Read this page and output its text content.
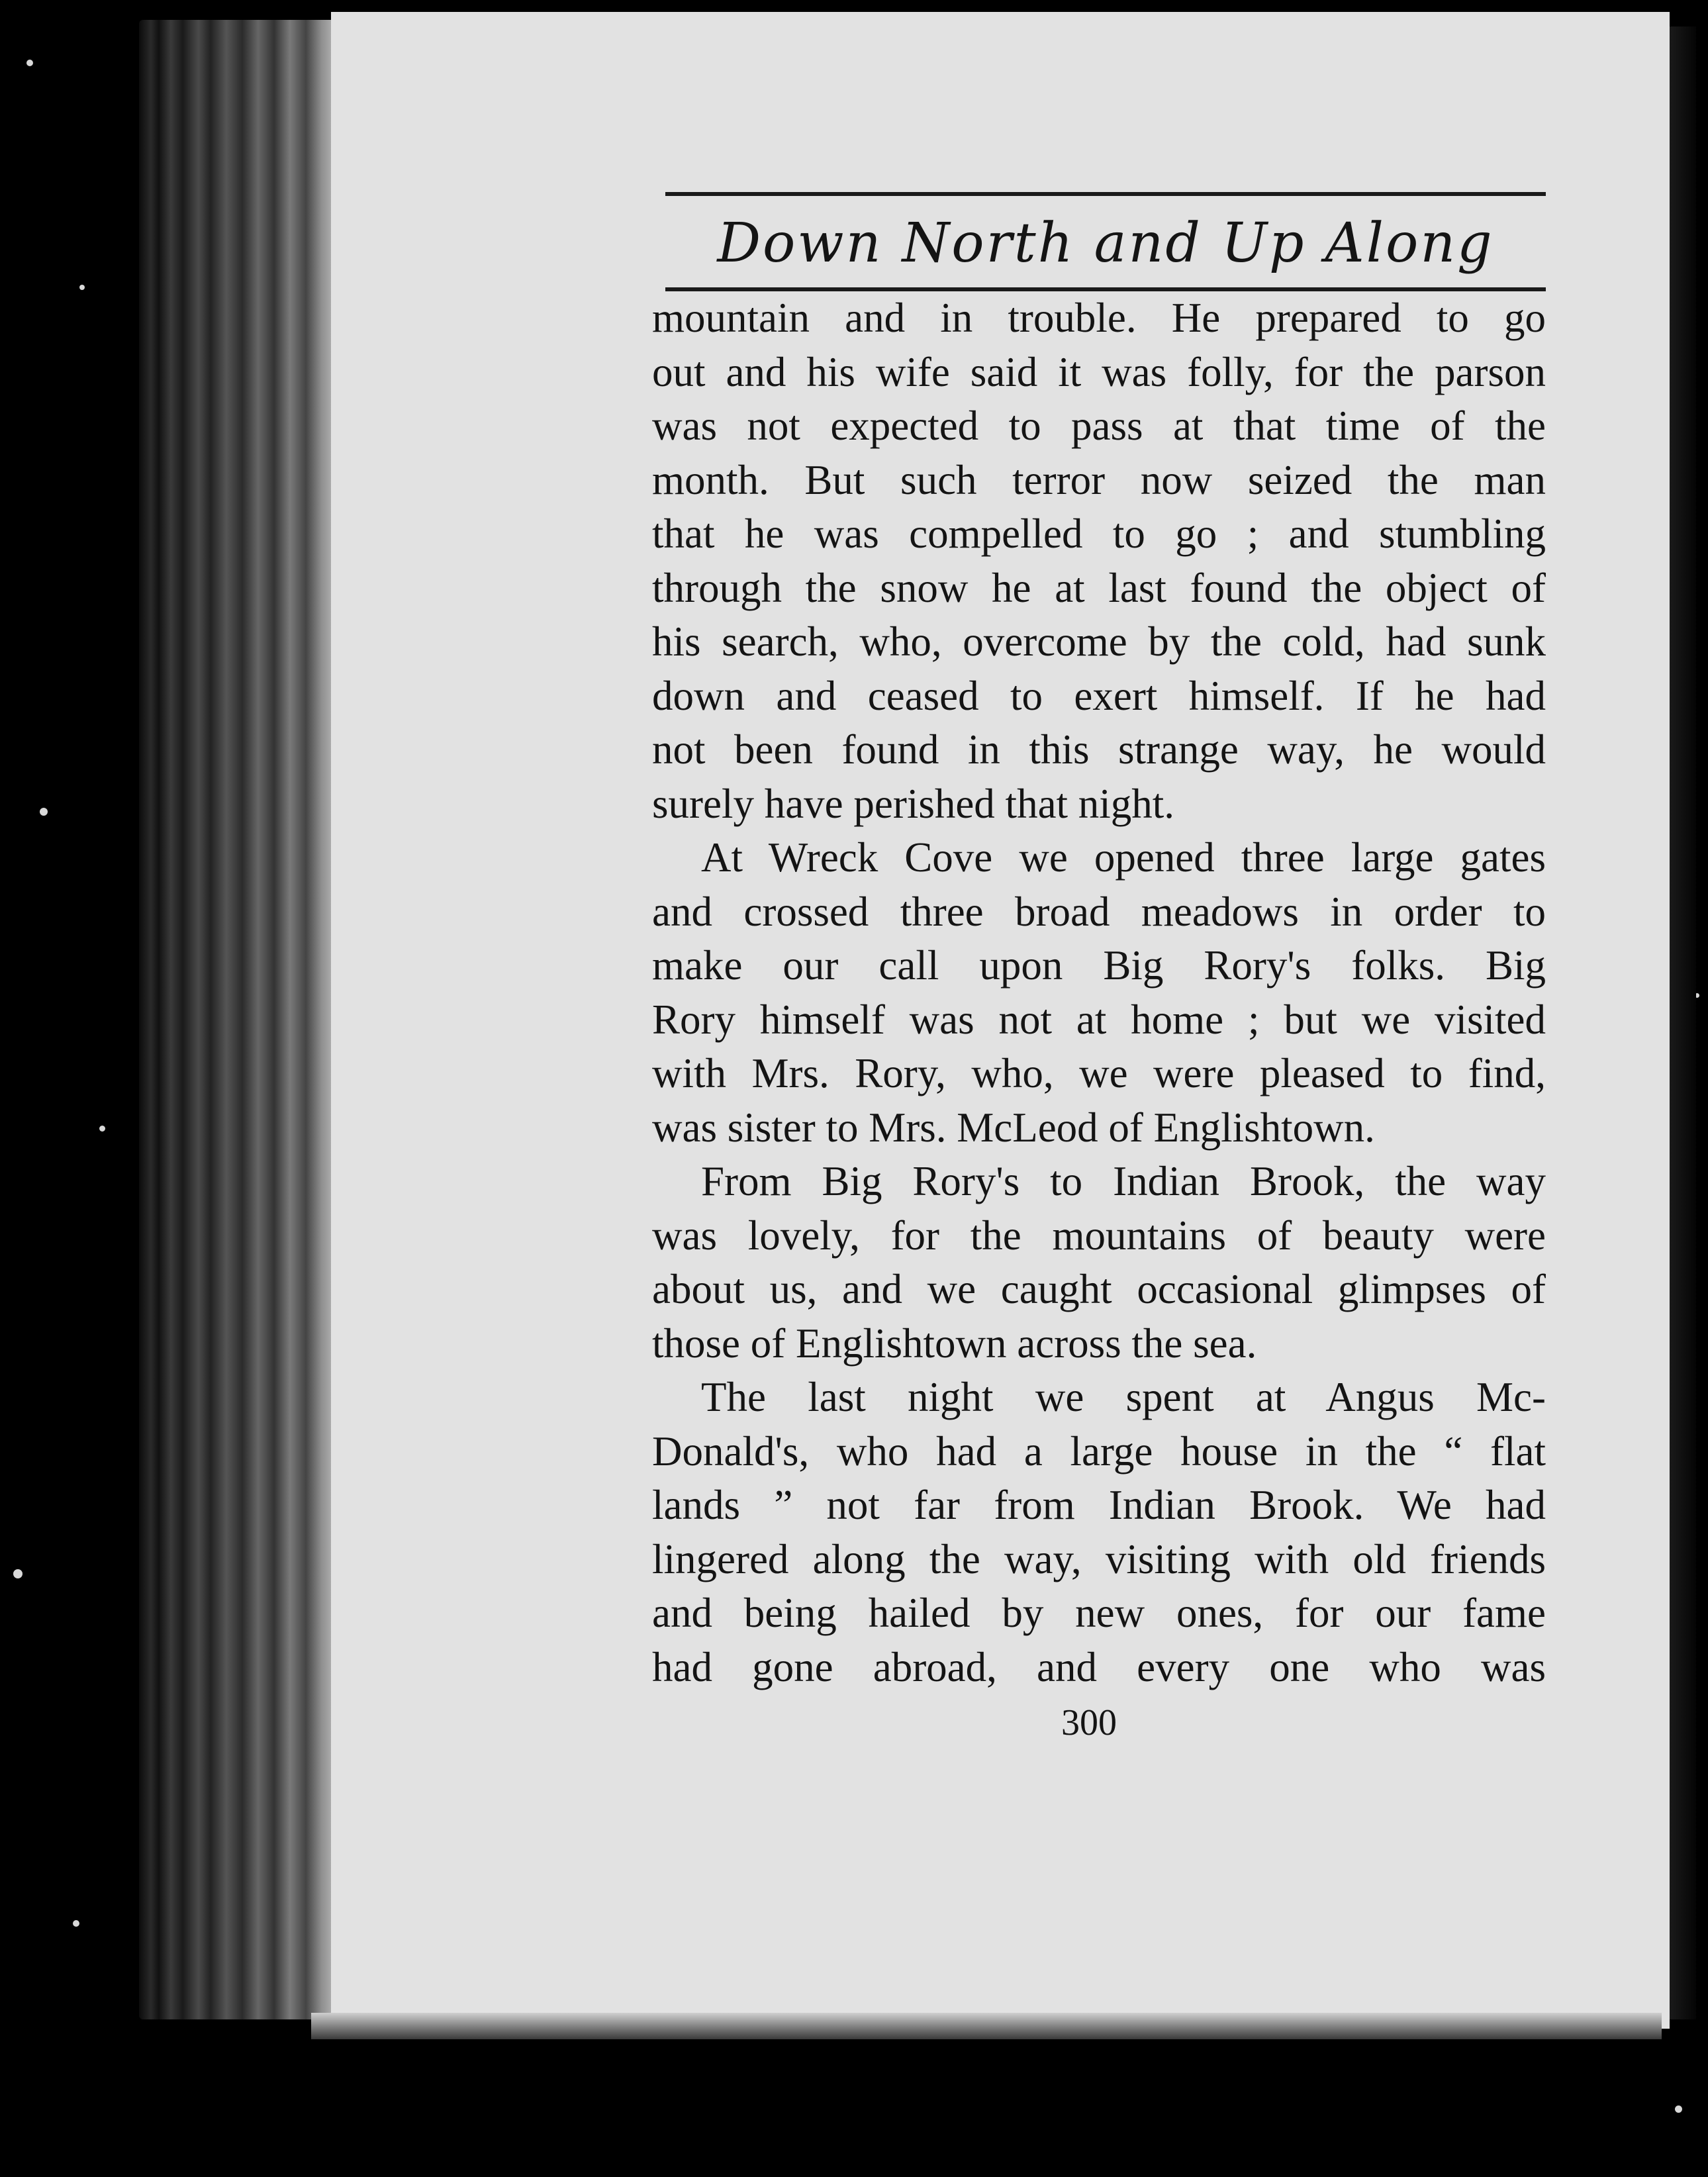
Down North and Up Along
mountain and in trouble. He prepared to go
out and his wife said it was folly, for the parson
was not expected to pass at that time of the
month. But such terror now seized the man
that he was compelled to go ; and stumbling
through the snow he at last found the object of
his search, who, overcome by the cold, had sunk
down and ceased to exert himself. If he had
not been found in this strange way, he would
surely have perished that night.
At Wreck Cove we opened three large gates
and crossed three broad meadows in order to
make our call upon Big Rory's folks. Big
Rory himself was not at home ; but we visited
with Mrs. Rory, who, we were pleased to find,
was sister to Mrs. McLeod of Englishtown.
From Big Rory's to Indian Brook, the way
was lovely, for the mountains of beauty were
about us, and we caught occasional glimpses of
those of Englishtown across the sea.
The last night we spent at Angus Mc-
Donald's, who had a large house in the “ flat
lands ” not far from Indian Brook. We had
lingered along the way, visiting with old friends
and being hailed by new ones, for our fame
had gone abroad, and every one who was
300
